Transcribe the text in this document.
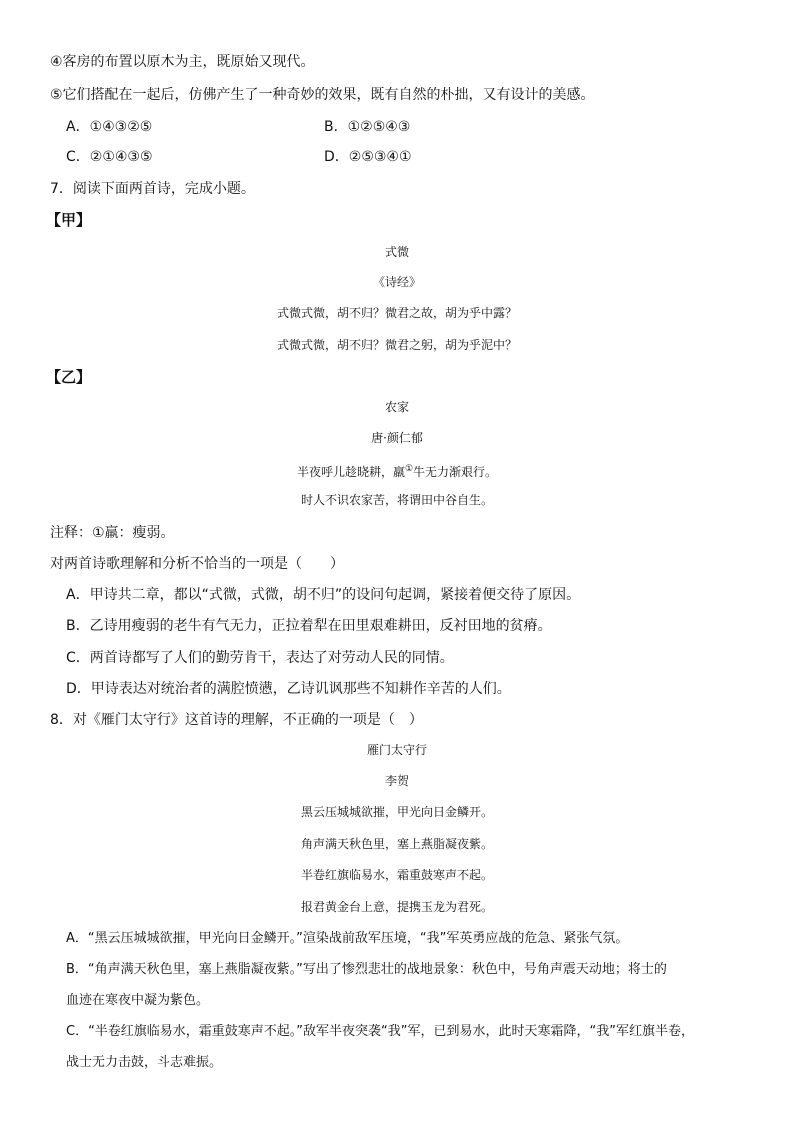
④客房的布置以原木为主，既原始又现代。
⑤它们搭配在一起后，仿佛产生了一种奇妙的效果，既有自然的朴拙，又有设计的美感。
A．①④③②⑤	B．①②⑤④③
C．②①④③⑤	D．②⑤③④①
7．阅读下面两首诗，完成小题。
【甲】
式微
《诗经》
式微式微，胡不归？微君之故，胡为乎中露？
式微式微，胡不归？微君之躬，胡为乎泥中？
【乙】
农家
唐·颜仁郁
半夜呼儿趁晓耕，羸①牛无力渐艰行。
时人不识农家苦，将谓田中谷自生。
注释：①羸：瘦弱。
对两首诗歌理解和分析不恰当的一项是（　　）
A．甲诗共二章，都以“式微，式微，胡不归”的设问句起调，紧接着便交待了原因。
B．乙诗用瘦弱的老牛有气无力，正拉着犁在田里艰难耕田，反衬田地的贫瘠。
C．两首诗都写了人们的勤劳肯干，表达了对劳动人民的同情。
D．甲诗表达对统治者的满腔愤懑，乙诗讥讽那些不知耕作辛苦的人们。
8．对《雁门太守行》这首诗的理解，不正确的一项是（　）
雁门太守行
李贺
黑云压城城欲摧，甲光向日金鳞开。
角声满天秋色里，塞上燕脂凝夜紫。
半卷红旗临易水，霜重鼓寒声不起。
报君黄金台上意，提携玉龙为君死。
A．“黑云压城城欲摧，甲光向日金鳞开。”渲染战前敌军压境，“我”军英勇应战的危急、紧张气氛。
B．“角声满天秋色里，塞上燕脂凝夜紫。”写出了惨烈悲壮的战地景象：秋色中，号角声震天动地；将士的
血迹在寒夜中凝为紫色。
C．“半卷红旗临易水，霜重鼓寒声不起。”敌军半夜突袭“我”军，已到易水，此时天寒霜降，“我”军红旗半卷，
战士无力击鼓，斗志难振。
